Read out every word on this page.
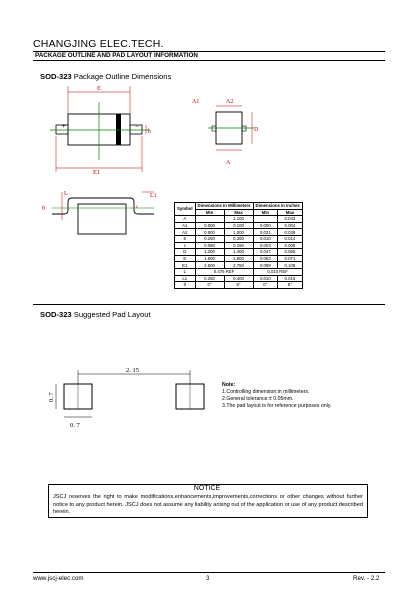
CHANGJING ELEC.TECH.
PACKAGE OUTLINE AND PAD LAYOUT INFORMATION
SOD-323 Package Outline Dimensions
E
+	−
b
E1
A1	A2
D
A
L	L1
θ	c	Symbol	Dimensions In Millimeters		Dimensions In Inches	
	Min	Max	Min	Max
A		1.100		0.043
A1	0.000	0.100	0.000	0.004
A2	0.800	1.000	0.031	0.039
b	0.250	0.350	0.010	0.014
c	0.080	0.150	0.003	0.006
D	1.200	1.400	0.047	0.055
E	1.600	1.800	0.063	0.071
E1	2.500	2.750	0.098	0.108
L	0.475 REF		0.010 REF	
L1	0.250	0.400	0.010	0.016
θ	0°	8°	0°	8°
SOD-323 Suggested Pad Layout
2. 15
0. 7
0. 7
Note:
1.Controlling dimension:in millimeters.
2.General tolerance:± 0.05mm.
3.The pad layout is for reference purposes only.
NOTICE
JSCJ reserves the right to make modifications,enhancements,improvements,corrections or other changes without further notice to any product herein. JSCJ does not assume any liability arising out of the application or use of any product described herein.
www.jscj-elec.com	3	Rev. - 2.2
